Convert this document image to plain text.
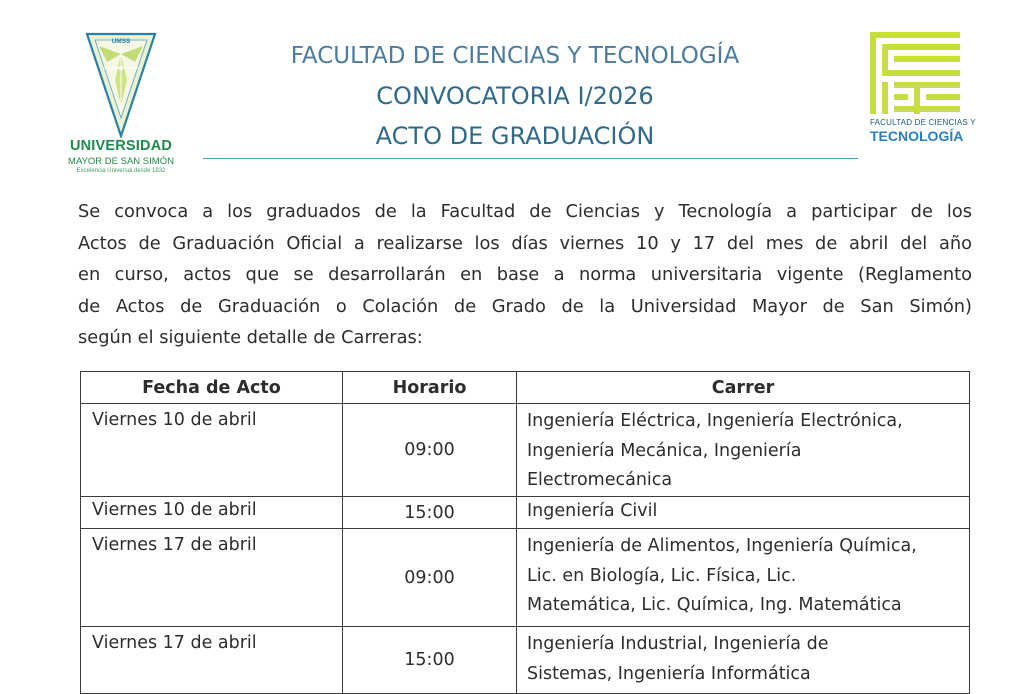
UMSS
UNIVERSIDAD
MAYOR DE SAN SIMÓN
Excelencia Universal desde 1832
FACULTAD DE CIENCIAS Y TECNOLOGÍA
CONVOCATORIA I/2026
ACTO DE GRADUACIÓN	FACULTAD DE CIENCIAS Y
TECNOLOGÍA
Se convoca a los graduados de la Facultad de Ciencias y Tecnología a participar de los
Actos de Graduación Oficial a realizarse los días viernes 10 y 17 del mes de abril del año
en curso, actos que se desarrollarán en base a norma universitaria vigente (Reglamento
de Actos de Graduación o Colación de Grado de la Universidad Mayor de San Simón)
según el siguiente detalle de Carreras:
Fecha de Acto	Horario	Carrer
Viernes 10 de abril	09:00	Ingeniería Eléctrica, Ingeniería Electrónica,
Ingeniería Mecánica, Ingeniería
Electromecánica

Viernes 10 de abril	15:00	Ingeniería Civil

Viernes 17 de abril	09:00	Ingeniería de Alimentos, Ingeniería Química,
Lic. en Biología, Lic. Física, Lic.
Matemática, Lic. Química, Ing. Matemática

Viernes 17 de abril	15:00	Ingeniería Industrial, Ingeniería de
Sistemas, Ingeniería Informática
